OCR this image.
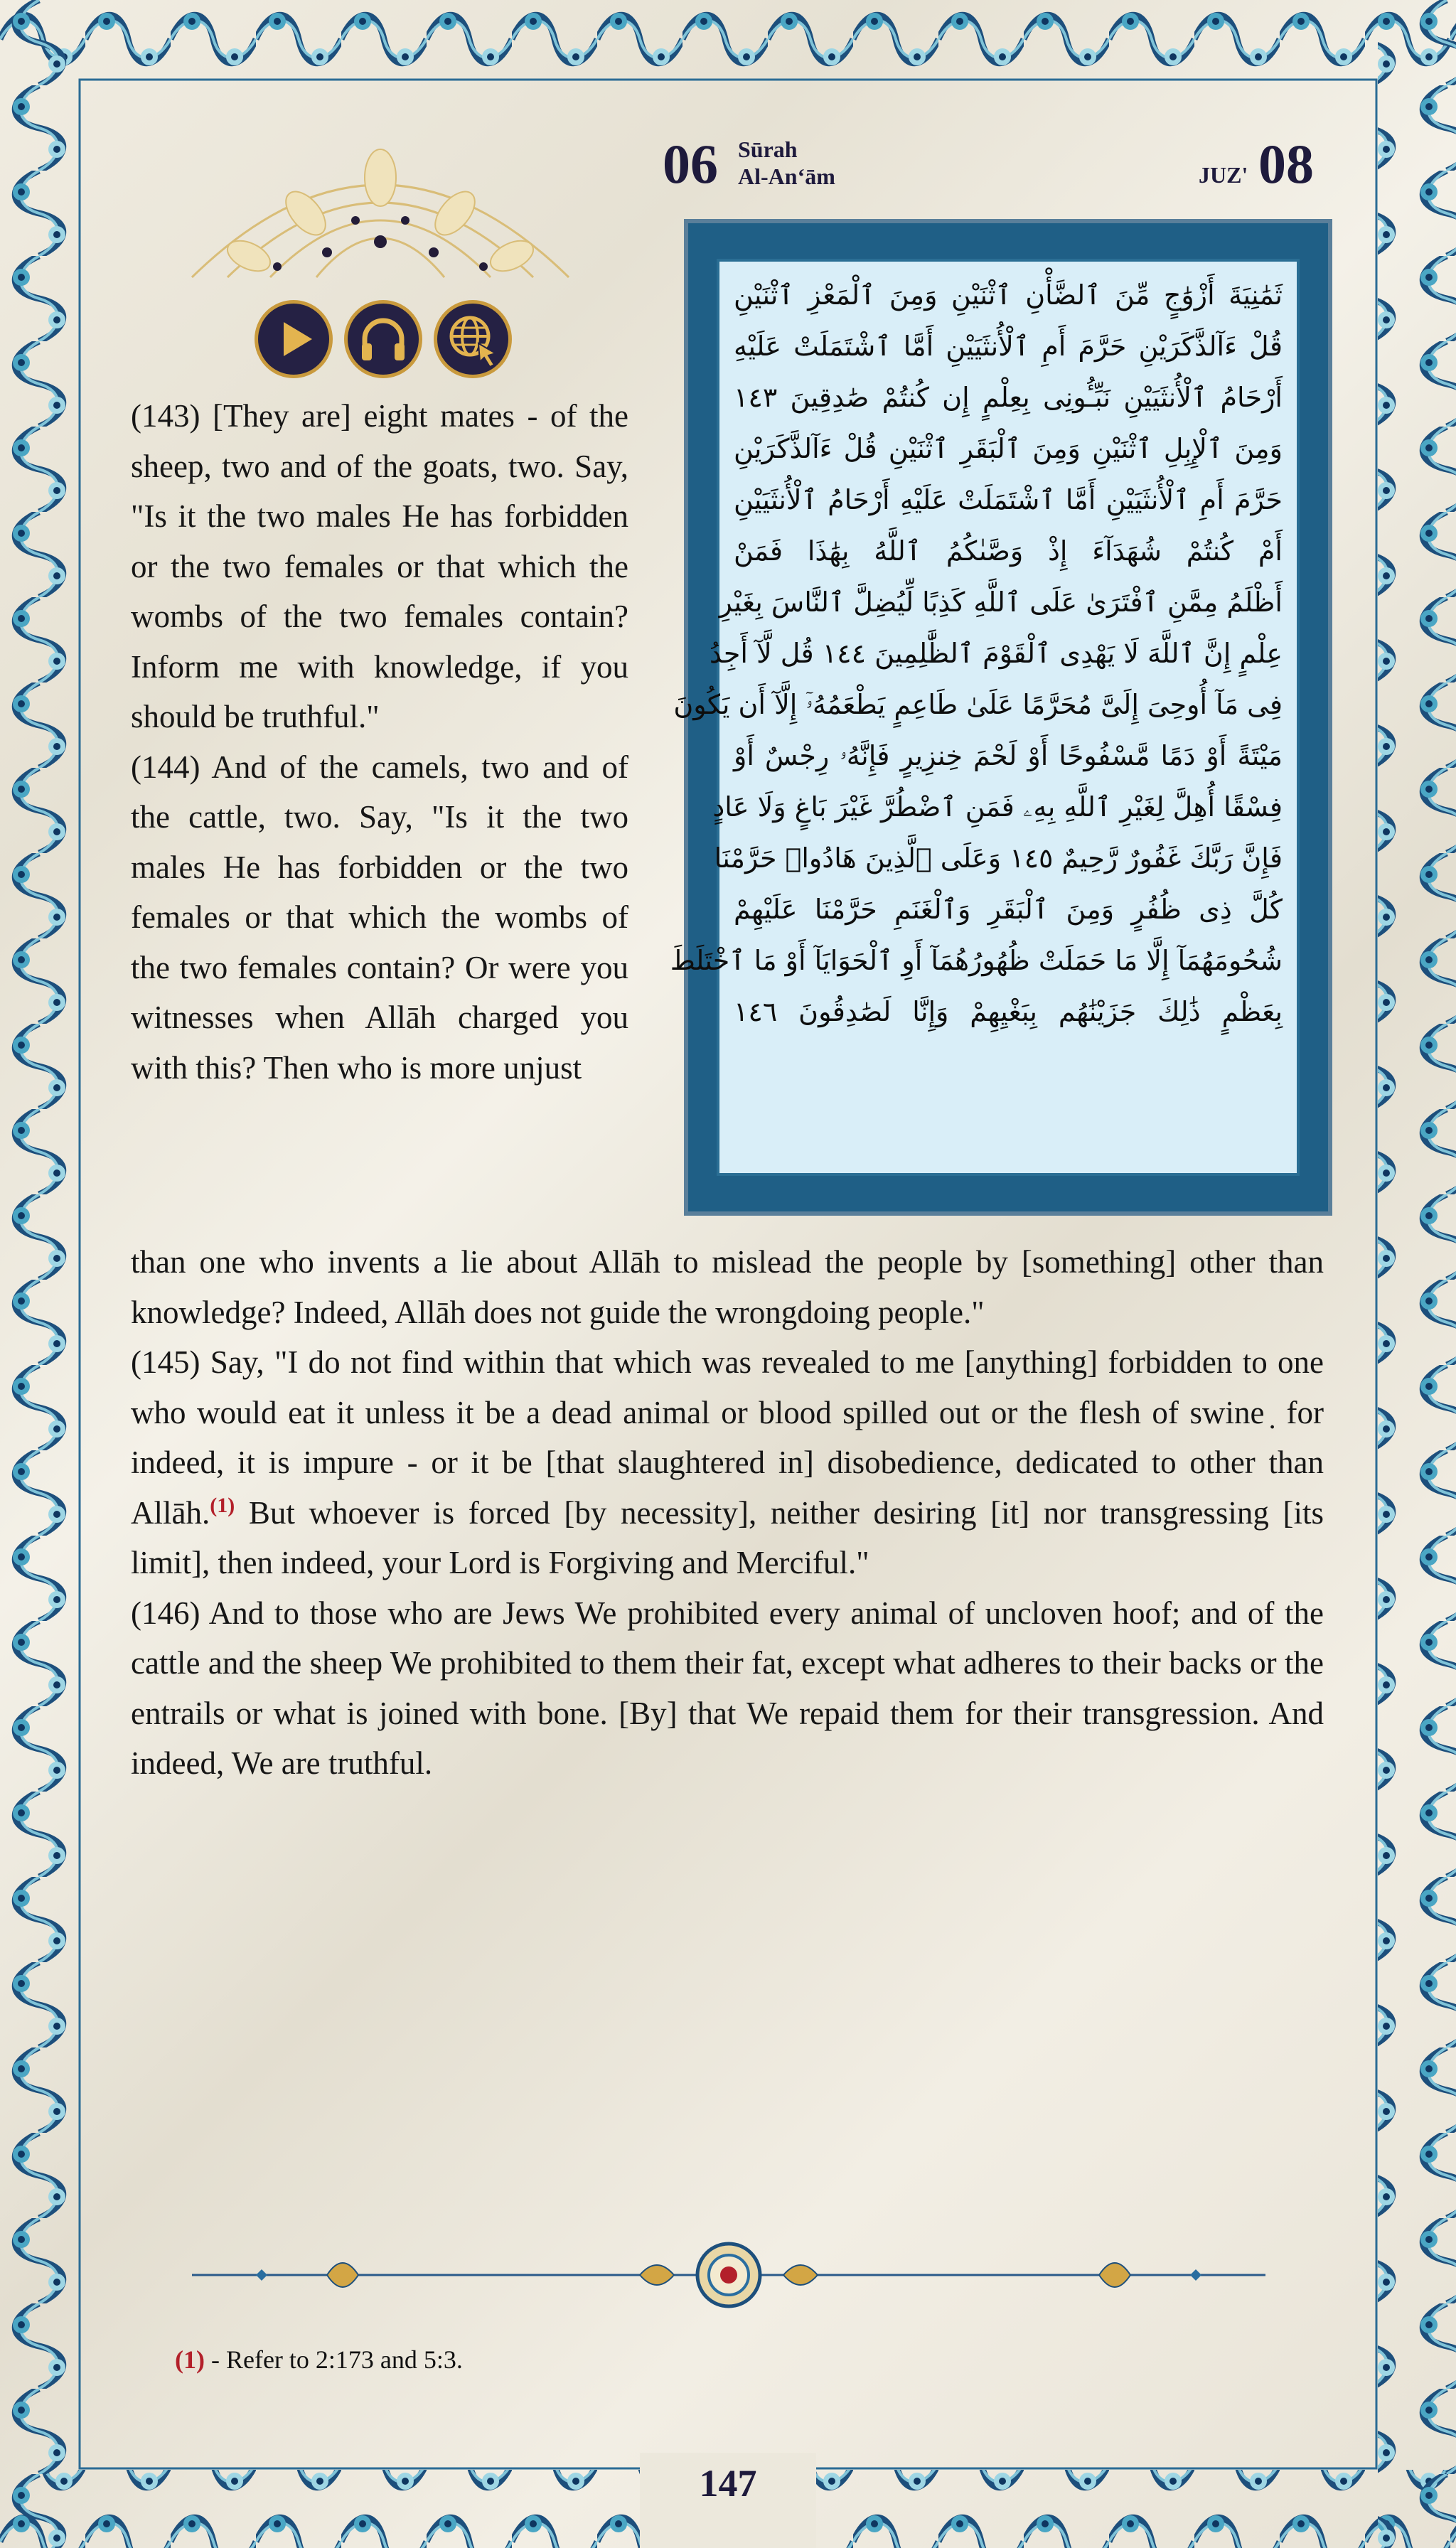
06 Sūrah
Al-An‘ām	JUZ' 08
ثَمَٰنِيَةَ أَزْوَٰجٍ مِّنَ ٱلضَّأْنِ ٱثْنَيْنِ وَمِنَ ٱلْمَعْزِ ٱثْنَيْنِ
قُلْ ءَآلذَّكَرَيْنِ حَرَّمَ أَمِ ٱلْأُنثَيَيْنِ أَمَّا ٱشْتَمَلَتْ عَلَيْهِ
أَرْحَامُ ٱلْأُنثَيَيْنِ نَبِّـُٔونِى بِعِلْمٍ إِن كُنتُمْ صَٰدِقِينَ ١٤٣
وَمِنَ ٱلْإِبِلِ ٱثْنَيْنِ وَمِنَ ٱلْبَقَرِ ٱثْنَيْنِ قُلْ ءَآلذَّكَرَيْنِ
حَرَّمَ أَمِ ٱلْأُنثَيَيْنِ أَمَّا ٱشْتَمَلَتْ عَلَيْهِ أَرْحَامُ ٱلْأُنثَيَيْنِ
أَمْ كُنتُمْ شُهَدَآءَ إِذْ وَصَّىٰكُمُ ٱللَّهُ بِهَٰذَا فَمَنْ
أَظْلَمُ مِمَّنِ ٱفْتَرَىٰ عَلَى ٱللَّهِ كَذِبًا لِّيُضِلَّ ٱلنَّاسَ بِغَيْرِ
عِلْمٍ إِنَّ ٱللَّهَ لَا يَهْدِى ٱلْقَوْمَ ٱلظَّٰلِمِينَ ١٤٤ قُل لَّآ أَجِدُ
فِى مَآ أُوحِىَ إِلَىَّ مُحَرَّمًا عَلَىٰ طَاعِمٍ يَطْعَمُهُۥٓ إِلَّآ أَن يَكُونَ
مَيْتَةً أَوْ دَمًا مَّسْفُوحًا أَوْ لَحْمَ خِنزِيرٍ فَإِنَّهُۥ رِجْسٌ أَوْ
فِسْقًا أُهِلَّ لِغَيْرِ ٱللَّهِ بِهِۦ فَمَنِ ٱضْطُرَّ غَيْرَ بَاغٍ وَلَا عَادٍ
فَإِنَّ رَبَّكَ غَفُورٌ رَّحِيمٌ ١٤٥ وَعَلَى ٱلَّذِينَ هَادُوا۟ حَرَّمْنَا
كُلَّ ذِى ظُفُرٍ وَمِنَ ٱلْبَقَرِ وَٱلْغَنَمِ حَرَّمْنَا عَلَيْهِمْ
شُحُومَهُمَآ إِلَّا مَا حَمَلَتْ ظُهُورُهُمَآ أَوِ ٱلْحَوَايَآ أَوْ مَا ٱخْتَلَطَ
بِعَظْمٍ ذَٰلِكَ جَزَيْنَٰهُم بِبَغْيِهِمْ وَإِنَّا لَصَٰدِقُونَ ١٤٦

(143) [They are] eight mates - of the sheep, two and of the goats, two. Say, "Is it the two males He has forbidden or the two females or that which the wombs of the two females contain? Inform me with knowledge, if you should be truthful."

(144) And of the camels, two and of the cattle, two. Say, "Is it the two males He has forbidden or the two females or that which the wombs of the two females contain? Or were you witnesses when Allāh charged you with this? Then who is more unjust

than one who invents a lie about Allāh to mislead the people by [something] other than knowledge? Indeed, Allāh does not guide the wrongdoing people."

(145) Say, "I do not find within that which was revealed to me [anything] forbidden to one who would eat it unless it be a dead animal or blood spilled out or the flesh of swine ̣ for indeed, it is impure - or it be [that slaughtered in] disobedience, dedicated to other than Allāh.$^{(1)}$ But whoever is forced [by necessity], neither desiring [it] nor transgressing [its limit], then indeed, your Lord is Forgiving and Merciful."

(146) And to those who are Jews We prohibited every animal of uncloven hoof; and of the cattle and the sheep We prohibited to them their fat, except what adheres to their backs or the entrails or what is joined with bone. [By] that We repaid them for their transgression. And indeed, We are truthful.

(1) - Refer to 2:173 and 5:3.
147
